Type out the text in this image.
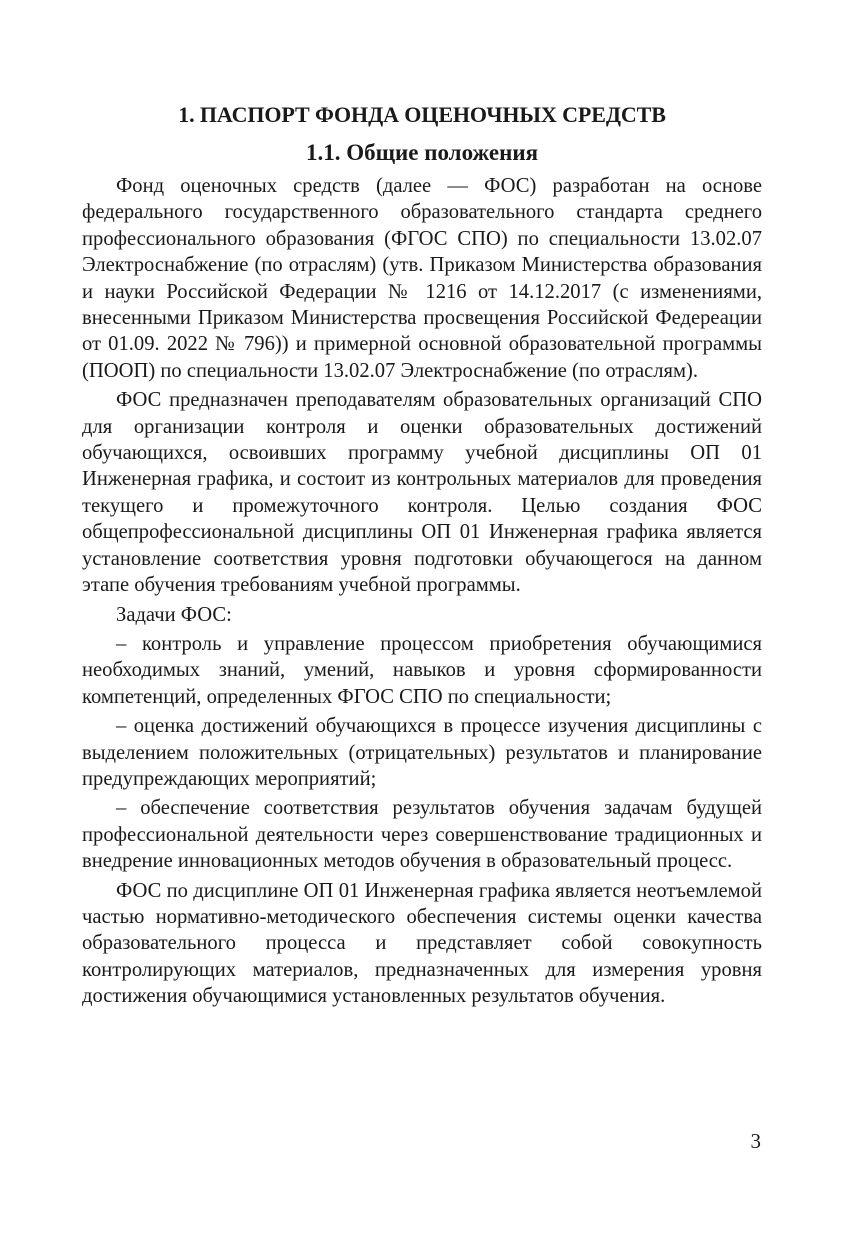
1. ПАСПОРТ ФОНДА ОЦЕНОЧНЫХ СРЕДСТВ
1.1. Общие положения

Фонд оценочных средств (далее — ФОС) разработан на основе федерального государственного образовательного стандарта среднего профессионального образования (ФГОС СПО) по специальности 13.02.07 Электроснабжение (по отраслям) (утв. Приказом Министерства образования и науки Российской Федерации № 1216 от 14.12.2017 (с изменениями, внесенными Приказом Министерства просвещения Российской Федереации от 01.09. 2022 № 796)) и примерной основной образовательной программы (ПООП) по специальности 13.02.07 Электроснабжение (по отраслям).

ФОС предназначен преподавателям образовательных организаций СПО для организации контроля и оценки образовательных достижений обучающихся, освоивших программу учебной дисциплины ОП 01 Инженерная графика, и состоит из контрольных материалов для проведения текущего и промежуточного контроля. Целью создания ФОС общепрофессиональной дисциплины ОП 01 Инженерная графика является установление соответствия уровня подготовки обучающегося на данном этапе обучения требованиям учебной программы.

Задачи ФОС:

– контроль и управление процессом приобретения обучающимися необходимых знаний, умений, навыков и уровня сформированности компетенций, определенных ФГОС СПО по специальности;

– оценка достижений обучающихся в процессе изучения дисциплины с выделением положительных (отрицательных) результатов и планирование предупреждающих мероприятий;

– обеспечение соответствия результатов обучения задачам будущей профессиональной деятельности через совершенствование традиционных и внедрение инновационных методов обучения в образовательный процесс.

ФОС по дисциплине ОП 01 Инженерная графика является неотъемлемой частью нормативно-методического обеспечения системы оценки качества образовательного процесса и представляет собой совокупность контролирующих материалов, предназначенных для измерения уровня достижения обучающимися установленных результатов обучения.

3
